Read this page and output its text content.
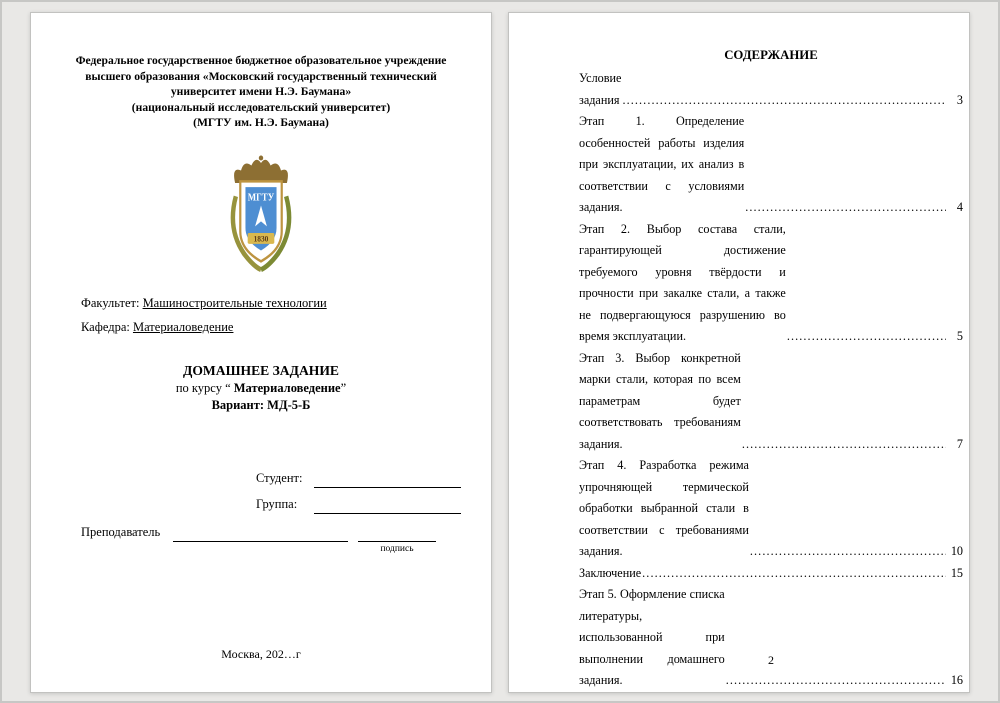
Федеральное государственное бюджетное образовательное учреждение
высшего образования «Московский государственный технический
университет имени Н.Э. Баумана»
(национальный исследовательский университет)
(МГТУ им. Н.Э. Баумана)
МГТУ
1830
Факультет: Машиностроительные технологии
Кафедра: Материаловедение
ДОМАШНЕЕ ЗАДАНИЕ
по курсу “ Материаловедение”
Вариант: МД-5-Б
Студент:
Группа:
Преподаватель
подпись
Москва, 202…г
СОДЕРЖАНИЕ
Условие задания .....	3
Этап 1. Определение особенностей работы изделия при эксплуатации, их анализ в соответствии с условиями задания. .....	4
Этап 2. Выбор состава стали, гарантирующей достижение требуемого уровня твёрдости и прочности при закалке стали, а также не подвергающуюся разрушению во время эксплуатации. .....	5
Этап 3. Выбор конкретной марки стали, которая по всем параметрам будет соответствовать требованиям задания. .....	7
Этап 4. Разработка режима упрочняющей термической обработки выбранной стали в соответствии с требованиями задания. .....	10
Заключение .....	15
Этап 5. Оформление списка литературы, использованной при выполнении домашнего задания. .....	16
2
